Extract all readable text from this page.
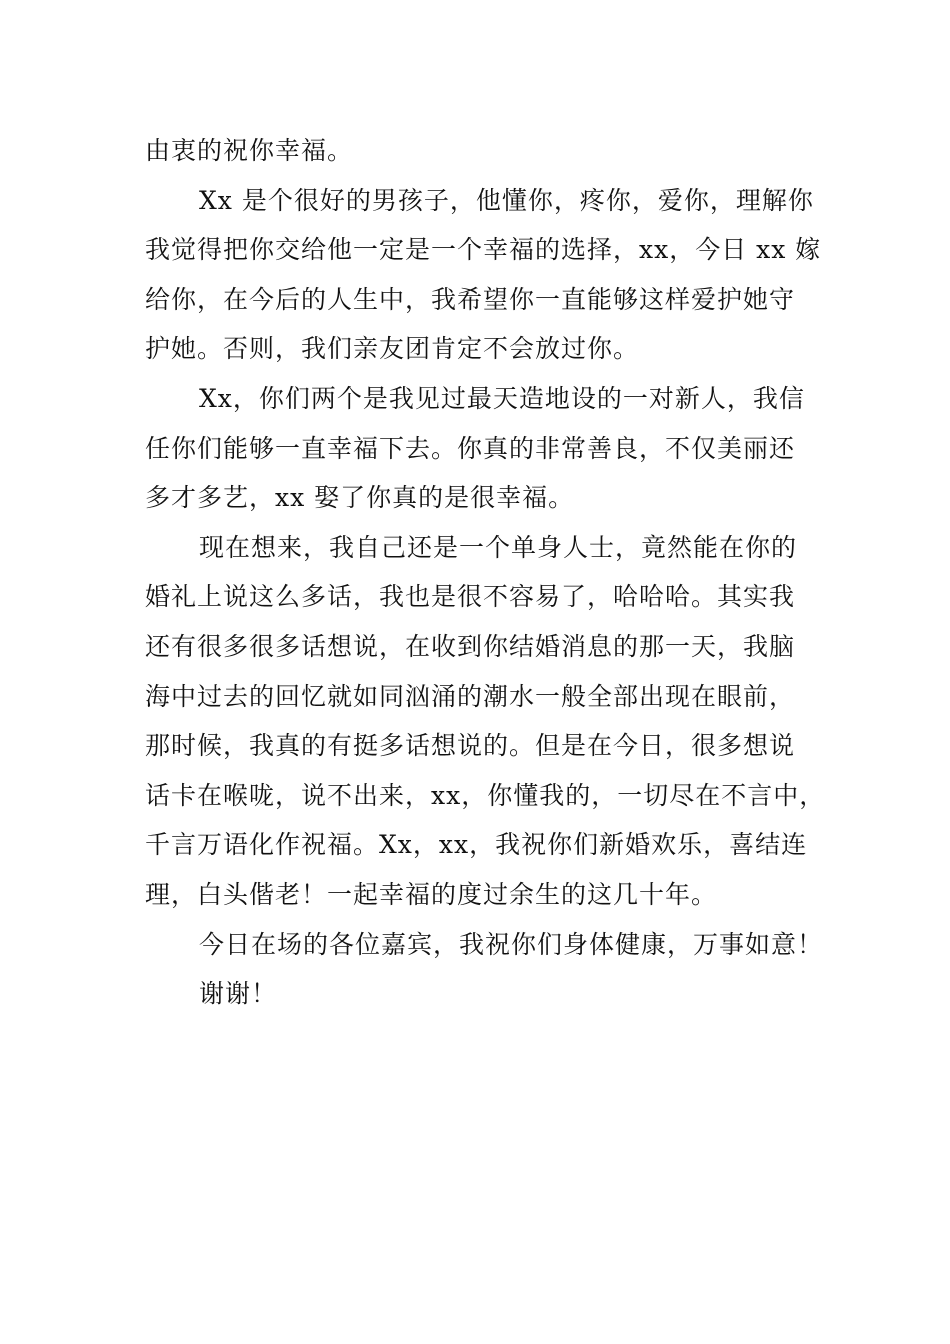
由衷的祝你幸福。
Xx 是个很好的男孩子，他懂你，疼你，爱你，理解你
我觉得把你交给他一定是一个幸福的选择，xx，今日 xx 嫁
给你，在今后的人生中，我希望你一直能够这样爱护她守
护她。否则，我们亲友团肯定不会放过你。
Xx，你们两个是我见过最天造地设的一对新人，我信
任你们能够一直幸福下去。你真的非常善良，不仅美丽还
多才多艺，xx 娶了你真的是很幸福。
现在想来，我自己还是一个单身人士，竟然能在你的
婚礼上说这么多话，我也是很不容易了，哈哈哈。其实我
还有很多很多话想说，在收到你结婚消息的那一天，我脑
海中过去的回忆就如同汹涌的潮水一般全部出现在眼前，
那时候，我真的有挺多话想说的。但是在今日，很多想说
话卡在喉咙，说不出来，xx，你懂我的，一切尽在不言中，
千言万语化作祝福。Xx，xx，我祝你们新婚欢乐，喜结连
理，白头偕老！一起幸福的度过余生的这几十年。
今日在场的各位嘉宾，我祝你们身体健康，万事如意！
谢谢！
